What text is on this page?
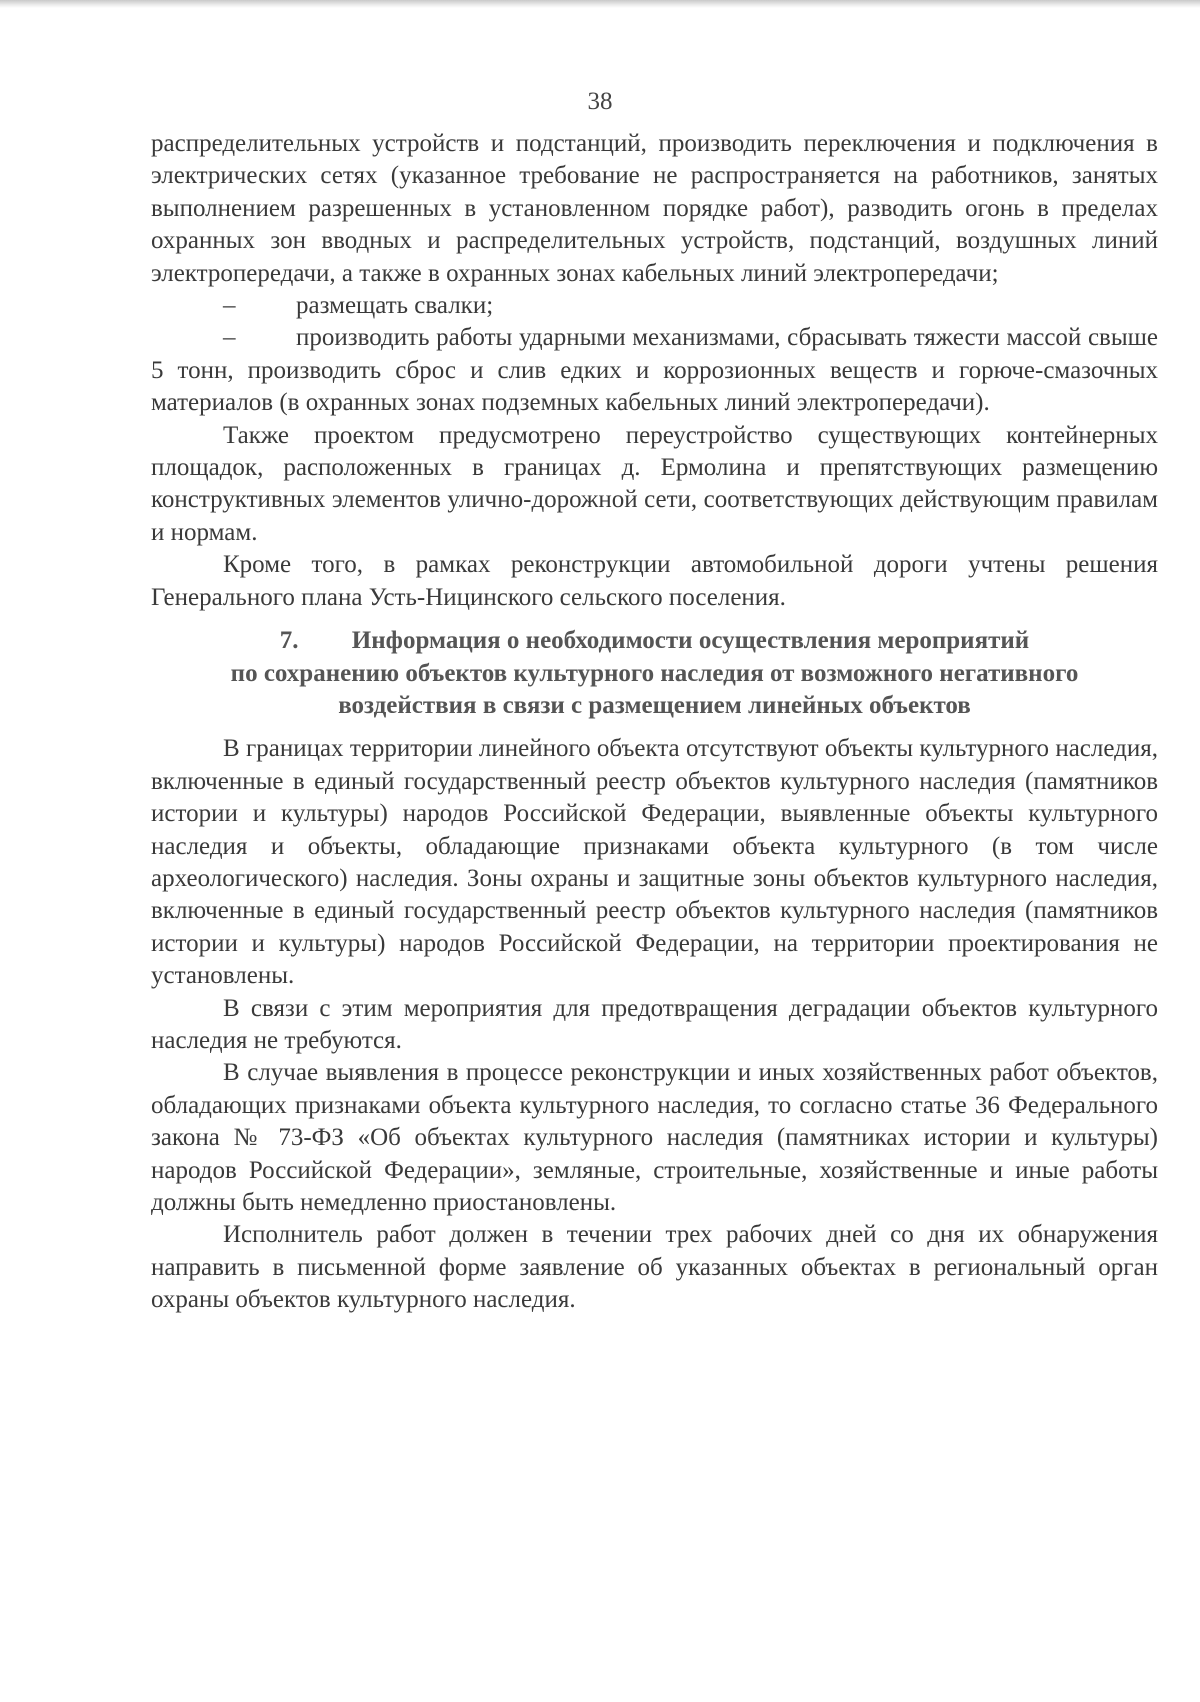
38

распределительных устройств и подстанций, производить переключения и подключения в электрических сетях (указанное требование не распространяется на работников, занятых выполнением разрешенных в установленном порядке работ), разводить огонь в пределах охранных зон вводных и распределительных устройств, подстанций, воздушных линий электропередачи, а также в охранных зонах кабельных линий электропередачи;

– размещать свалки;

– производить работы ударными механизмами, сбрасывать тяжести массой свыше 5 тонн, производить сброс и слив едких и коррозионных веществ и горюче-смазочных материалов (в охранных зонах подземных кабельных линий электропередачи).

Также проектом предусмотрено переустройство существующих контейнерных площадок, расположенных в границах д. Ермолина и препятствующих размещению конструктивных элементов улично-дорожной сети, соответствующих действующим правилам и нормам.

Кроме того, в рамках реконструкции автомобильной дороги учтены решения Генерального плана Усть-Ницинского сельского поселения.

7. Информация о необходимости осуществления мероприятий
по сохранению объектов культурного наследия от возможного негативного
воздействия в связи с размещением линейных объектов

В границах территории линейного объекта отсутствуют объекты культурного наследия, включенные в единый государственный реестр объектов культурного наследия (памятников истории и культуры) народов Российской Федерации, выявленные объекты культурного наследия и объекты, обладающие признаками объекта культурного (в том числе археологического) наследия. Зоны охраны и защитные зоны объектов культурного наследия, включенные в единый государственный реестр объектов культурного наследия (памятников истории и культуры) народов Российской Федерации, на территории проектирования не установлены.

В связи с этим мероприятия для предотвращения деградации объектов культурного наследия не требуются.

В случае выявления в процессе реконструкции и иных хозяйственных работ объектов, обладающих признаками объекта культурного наследия, то согласно статье 36 Федерального закона № 73-ФЗ «Об объектах культурного наследия (памятниках истории и культуры) народов Российской Федерации», земляные, строительные, хозяйственные и иные работы должны быть немедленно приостановлены.

Исполнитель работ должен в течении трех рабочих дней со дня их обнаружения направить в письменной форме заявление об указанных объектах в региональный орган охраны объектов культурного наследия.
